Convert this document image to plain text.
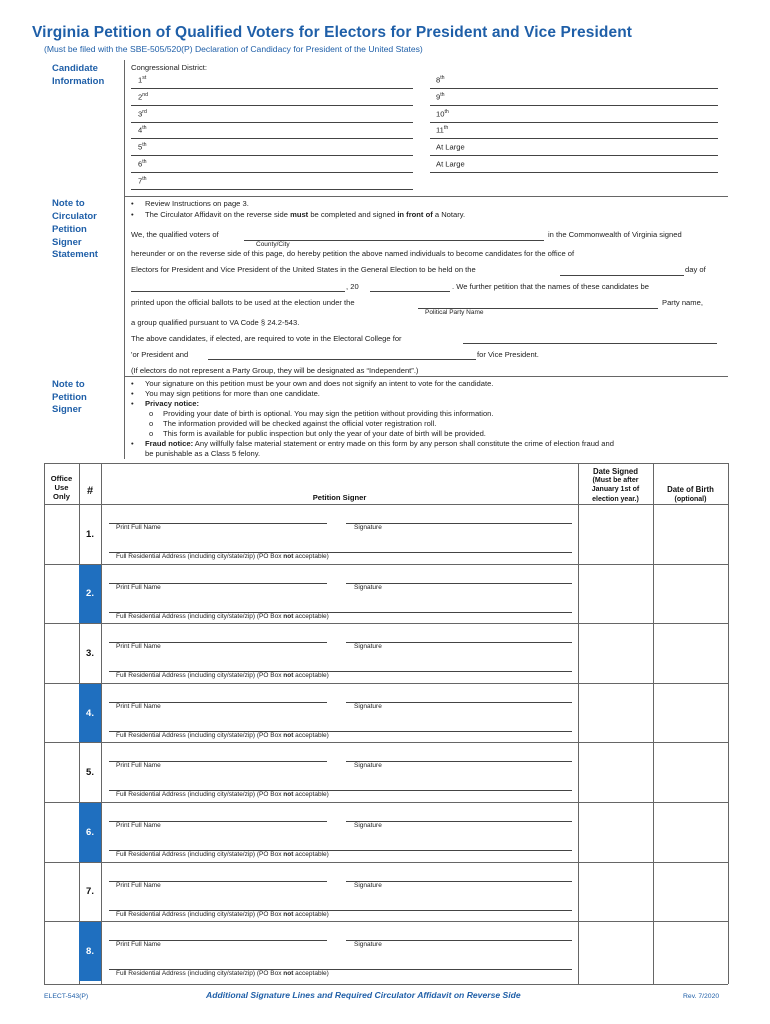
Virginia Petition of Qualified Voters for Electors for President and Vice President
(Must be filed with the SBE-505/520(P) Declaration of Candidacy for President of the United States)
Candidate
Information
Congressional District:
1st
2nd
3rd
4th
5th
6th
7th
8th
9th
10th
11th
At Large
At Large
Note to
Circulator
• Review Instructions on page 3.
• The Circulator Affidavit on the reverse side must be completed and signed in front of a Notary.
Petition
Signer
Statement
We, the qualified voters of	in the Commonwealth of Virginia signed
County/City
hereunder or on the reverse side of this page, do hereby petition the above named individuals to become candidates for the office of
Electors for President and Vice President of the United States in the General Election to be held on the	day of
, 20	. We further petition that the names of these candidates be
printed upon the official ballots to be used at the election under the	Party name,
Political Party Name
a group qualified pursuant to VA Code § 24.2-543.
The above candidates, if elected, are required to vote in the Electoral College for
'or President and	for Vice President.
(If electors do not represent a Party Group, they will be designated as “Independent”.)
Note to
Petition
Signer
• Your signature on this petition must be your own and does not signify an intent to vote for the candidate.
• You may sign petitions for more than one candidate.
• Privacy notice:
o Providing your date of birth is optional. You may sign the petition without providing this information.
o The information provided will be checked against the official voter registration roll.
o This form is available for public inspection but only the year of your date of birth will be provided.
• Fraud notice: Any willfully false material statement or entry made on this form by any person shall constitute the crime of election fraud and
be punishable as a Class 5 felony.
Office
Use
Only	#
Petition Signer
Date Signed
(Must be after
January 1st of
election year.)
Date of Birth
(optional)
1.
Print Full Name	Signature
Full Residential Address (including city/state/zip) (PO Box not acceptable)
2.
Print Full Name	Signature
Full Residential Address (including city/state/zip) (PO Box not acceptable)
3.
Print Full Name	Signature
Full Residential Address (including city/state/zip) (PO Box not acceptable)
4.
Print Full Name	Signature
Full Residential Address (including city/state/zip) (PO Box not acceptable)
5.
Print Full Name	Signature
Full Residential Address (including city/state/zip) (PO Box not acceptable)
6.
Print Full Name	Signature
Full Residential Address (including city/state/zip) (PO Box not acceptable)
7.
Print Full Name	Signature
Full Residential Address (including city/state/zip) (PO Box not acceptable)
8.
Print Full Name	Signature
Full Residential Address (including city/state/zip) (PO Box not acceptable)
ELECT-543(P)	Additional Signature Lines and Required Circulator Affidavit on Reverse Side	Rev. 7/2020
